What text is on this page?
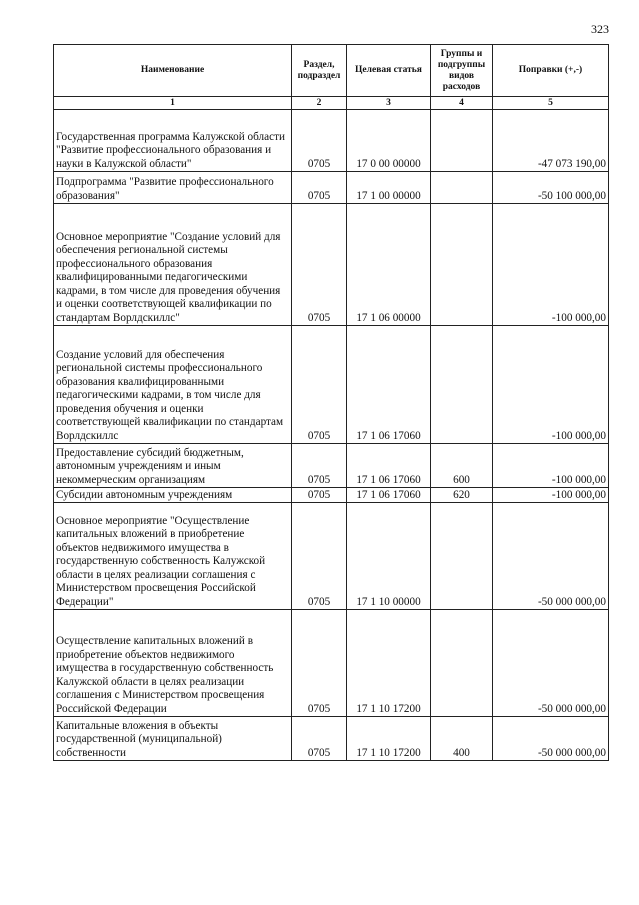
323
Наименование	Раздел, подраздел	Целевая статья	Группы и подгруппы видов расходов	Поправки (+,-)
1	2	3	4	5
Государственная программа Калужской области "Развитие профессионального образования и науки в Калужской области"	0705	17 0 00 00000		-47 073 190,00
Подпрограмма "Развитие профессионального образования"	0705	17 1 00 00000		-50 100 000,00
Основное мероприятие "Создание условий для обеспечения региональной системы профессионального образования квалифицированными педагогическими кадрами, в том числе для проведения обучения и оценки соответствующей квалификации по стандартам Ворлдскиллс"	0705	17 1 06 00000		-100 000,00
Создание условий для обеспечения региональной системы профессионального образования квалифицированными педагогическими кадрами, в том числе для проведения обучения и оценки соответствующей квалификации по стандартам Ворлдскиллс	0705	17 1 06 17060		-100 000,00
Предоставление субсидий бюджетным, автономным учреждениям и иным некоммерческим организациям	0705	17 1 06 17060	600	-100 000,00
Субсидии автономным учреждениям	0705	17 1 06 17060	620	-100 000,00
Основное мероприятие "Осуществление капитальных вложений в приобретение объектов недвижимого имущества в государственную собственность Калужской области в целях реализации соглашения с Министерством просвещения Российской Федерации"	0705	17 1 10 00000		-50 000 000,00
Осуществление капитальных вложений в приобретение объектов недвижимого имущества в государственную собственность Калужской области в целях реализации соглашения с Министерством просвещения Российской Федерации	0705	17 1 10 17200		-50 000 000,00
Капитальные вложения в объекты государственной (муниципальной) собственности	0705	17 1 10 17200	400	-50 000 000,00
